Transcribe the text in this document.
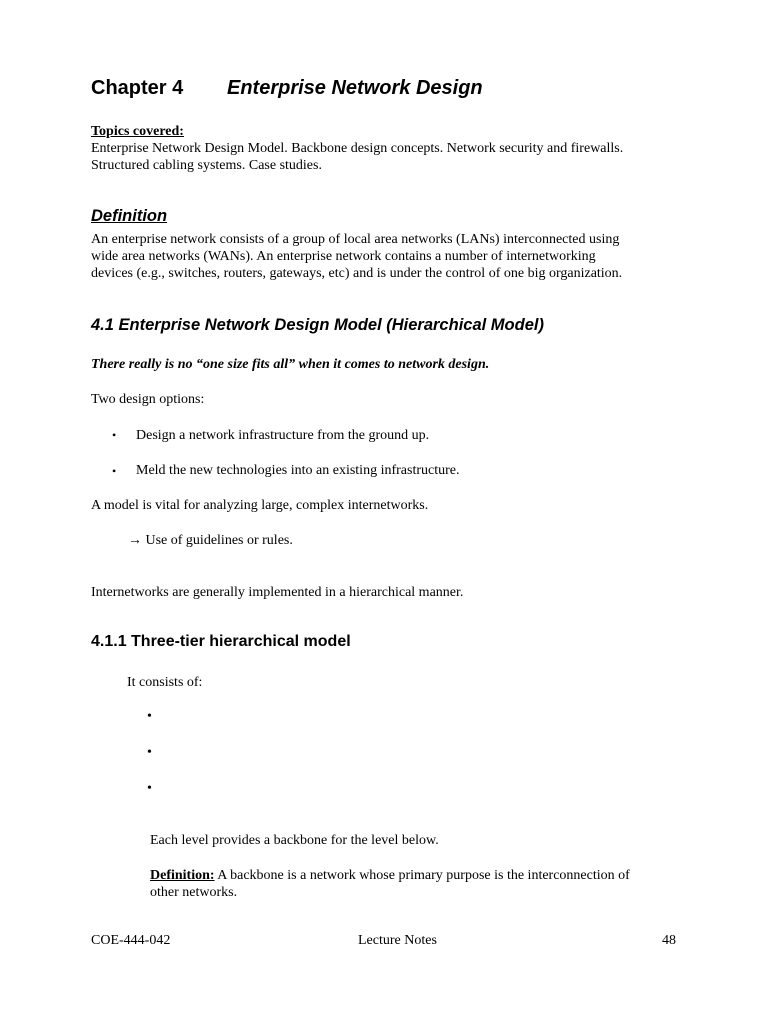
Chapter 4 Enterprise Network Design
Topics covered:
Enterprise Network Design Model. Backbone design concepts. Network security and firewalls.
Structured cabling systems. Case studies.
Definition
An enterprise network consists of a group of local area networks (LANs) interconnected using
wide area networks (WANs). An enterprise network contains a number of internetworking
devices (e.g., switches, routers, gateways, etc) and is under the control of one big organization.
4.1 Enterprise Network Design Model (Hierarchical Model)
There really is no “one size fits all” when it comes to network design.
Two design options:
• Design a network infrastructure from the ground up.
• Meld the new technologies into an existing infrastructure.
A model is vital for analyzing large, complex internetworks.
→ Use of guidelines or rules.
Internetworks are generally implemented in a hierarchical manner.
4.1.1 Three-tier hierarchical model
It consists of:
•
•
•
Each level provides a backbone for the level below.
Definition: A backbone is a network whose primary purpose is the interconnection of
other networks.
COE-444-042	Lecture Notes	48
